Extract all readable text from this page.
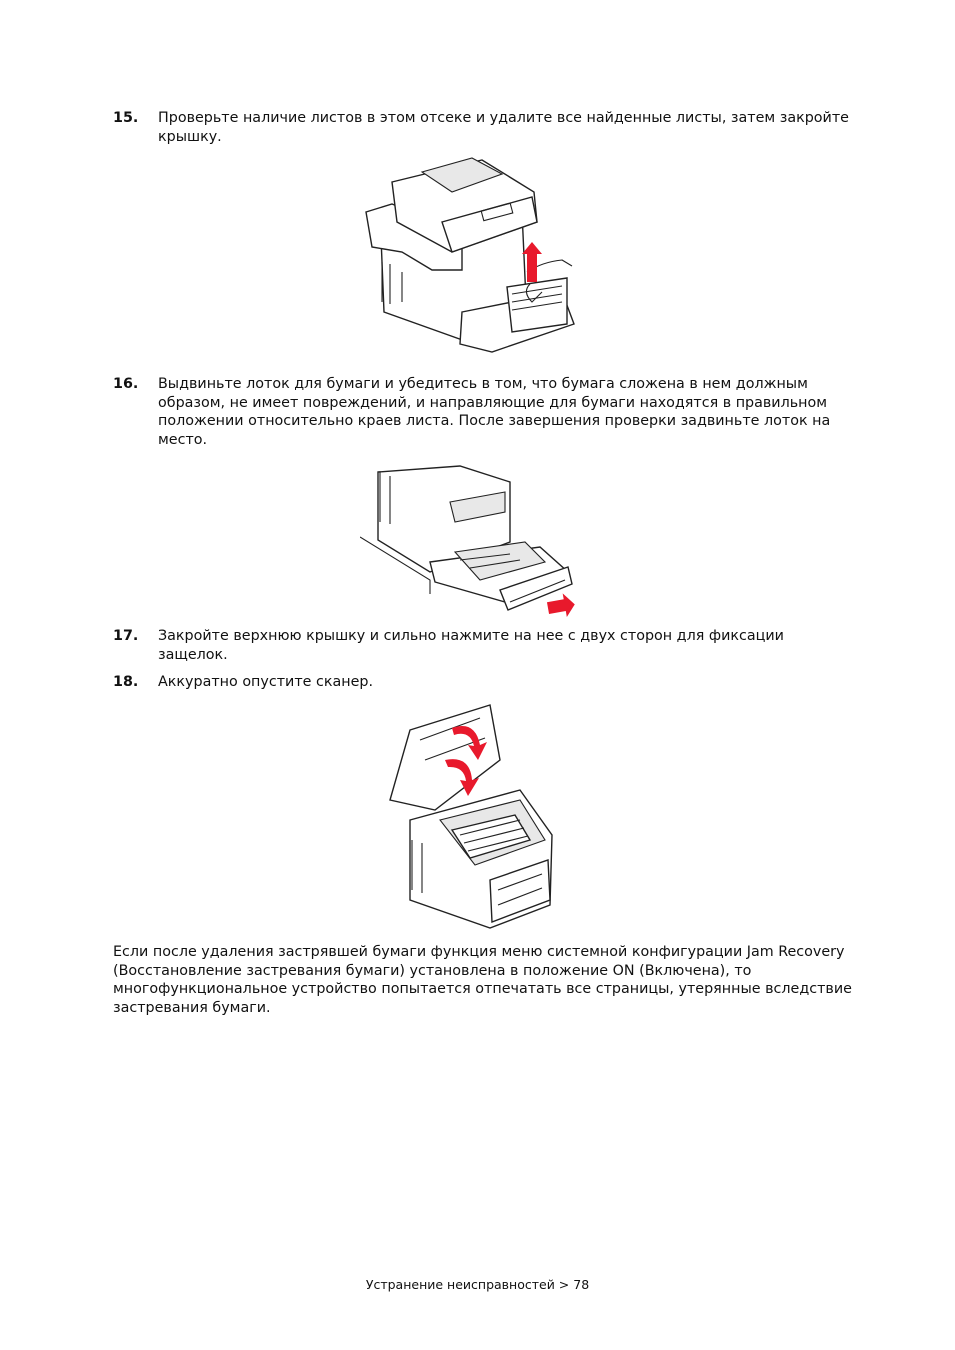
15. Проверьте наличие листов в этом отсеке и удалите все найденные листы, затем закройте крышку.
16. Выдвиньте лоток для бумаги и убедитесь в том, что бумага сложена в нем должным образом, не имеет повреждений, и направляющие для бумаги находятся в правильном положении относительно краев листа. После завершения проверки задвиньте лоток на место.
17. Закройте верхнюю крышку и сильно нажмите на нее с двух сторон для фиксации защелок.
18. Аккуратно опустите сканер.
Если после удаления застрявшей бумаги функция меню системной конфигурации Jam Recovery (Восстановление застревания бумаги) установлена в положение ON (Включена), то многофункциональное устройство попытается отпечатать все страницы, утерянные вследствие застревания бумаги.
Устранение неисправностей > 78
